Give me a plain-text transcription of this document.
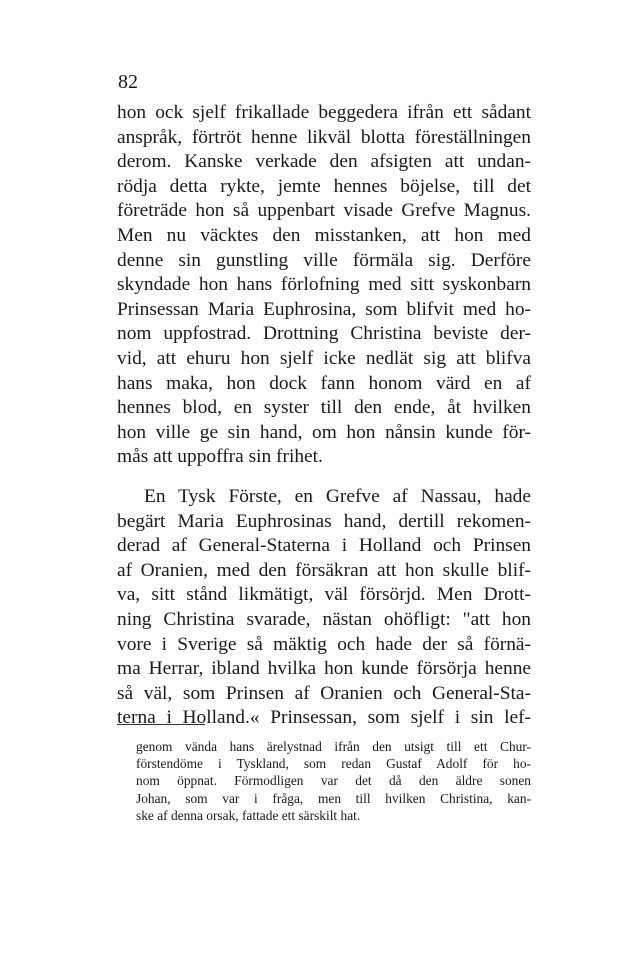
82
hon ock sjelf frikallade beggedera ifrån ett sådant
anspråk, förtröt henne likväl blotta föreställningen
derom. Kanske verkade den afsigten att undan-
rödja detta rykte, jemte hennes böjelse, till det
företräde hon så uppenbart visade Grefve Magnus.
Men nu väcktes den misstanken, att hon med
denne sin gunstling ville förmäla sig. Derföre
skyndade hon hans förlofning med sitt syskonbarn
Prinsessan Maria Euphrosina, som blifvit med ho-
nom uppfostrad. Drottning Christina beviste der-
vid, att ehuru hon sjelf icke nedlät sig att blifva
hans maka, hon dock fann honom värd en af
hennes blod, en syster till den ende, åt hvilken
hon ville ge sin hand, om hon nånsin kunde för-
mås att uppoffra sin frihet.
En Tysk Förste, en Grefve af Nassau, hade
begärt Maria Euphrosinas hand, dertill rekomen-
derad af General-Staterna i Holland och Prinsen
af Oranien, med den försäkran att hon skulle blif-
va, sitt stånd likmätigt, väl försörjd. Men Drott-
ning Christina svarade, nästan ohöfligt: "att hon
vore i Sverige så mäktig och hade der så förnä-
ma Herrar, ibland hvilka hon kunde försörja henne
så väl, som Prinsen af Oranien och General-Sta-
terna i Holland.« Prinsessan, som sjelf i sin lef-
genom vända hans ärelystnad ifrån den utsigt till ett Chur-
förstendöme i Tyskland, som redan Gustaf Adolf för ho-
nom öppnat. Förmodligen var det då den äldre sonen
Johan, som var i fråga, men till hvilken Christina, kan-
ske af denna orsak, fattade ett särskilt hat.
